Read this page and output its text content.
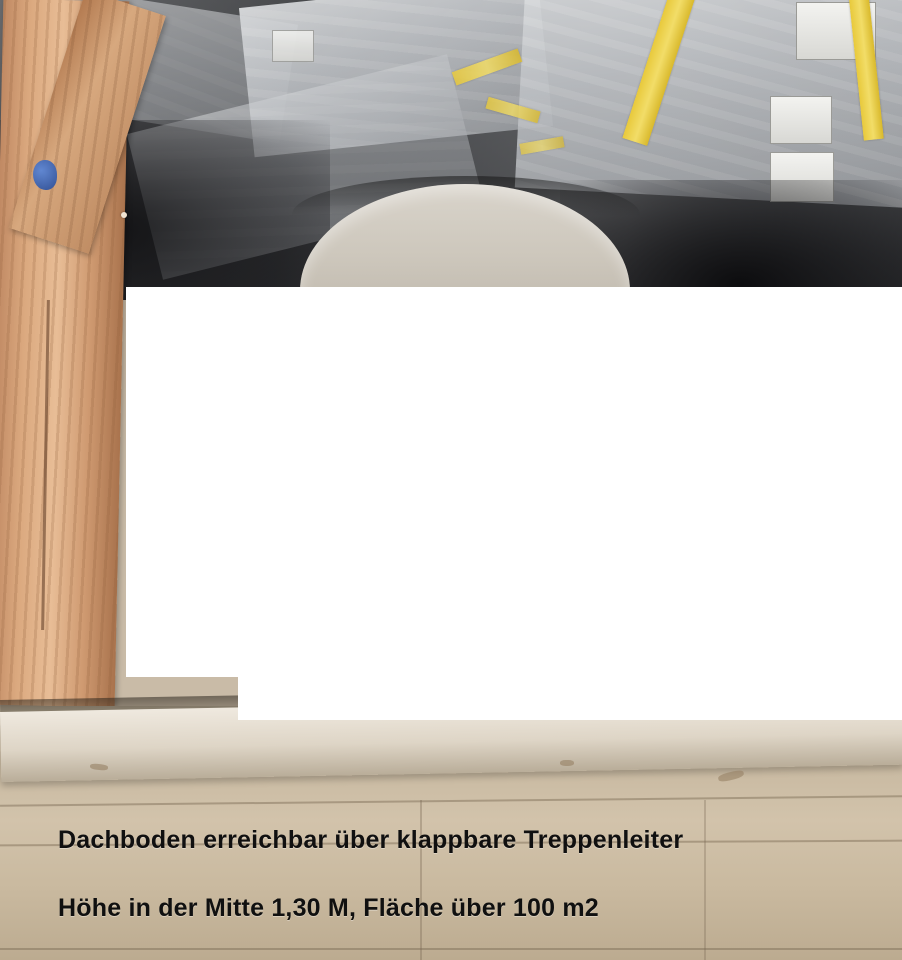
Dachboden erreichbar über klappbare Treppenleiter
Höhe in der Mitte 1,30 M, Fläche über 100 m2
